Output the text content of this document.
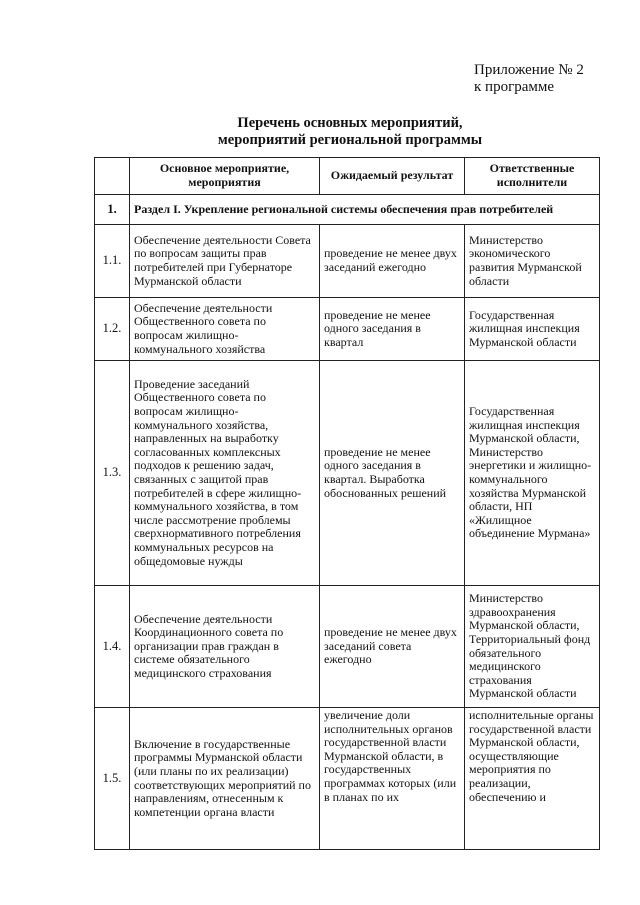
Приложение № 2
к программе
Перечень основных мероприятий,
мероприятий региональной программы
	Основное мероприятие, мероприятия	Ожидаемый результат	Ответственные исполнители
1.	Раздел I. Укрепление региональной системы обеспечения прав потребителей		
1.1.	Обеспечение деятельности Совета по вопросам защиты прав потребителей при Губернаторе Мурманской области	проведение не менее двух заседаний ежегодно	Министерство экономического развития Мурманской области
1.2.	Обеспечение деятельности Общественного совета по вопросам жилищно-коммунального хозяйства	проведение не менее одного заседания в квартал	Государственная жилищная инспекция Мурманской области
1.3.	Проведение заседаний Общественного совета по вопросам жилищно-коммунального хозяйства, направленных на выработку согласованных комплексных подходов к решению задач, связанных с защитой прав потребителей в сфере жилищно-коммунального хозяйства, в том числе рассмотрение проблемы сверхнормативного потребления коммунальных ресурсов на общедомовые нужды	проведение не менее одного заседания в квартал. Выработка обоснованных решений	Государственная жилищная инспекция Мурманской области, Министерство энергетики и жилищно-коммунального хозяйства Мурманской области, НП «Жилищное объединение Мурмана»
1.4.	Обеспечение деятельности Координационного совета по организации прав граждан в системе обязательного медицинского страхования	проведение не менее двух заседаний совета ежегодно	Министерство здравоохранения Мурманской области, Территориальный фонд обязательного медицинского страхования Мурманской области
1.5.	Включение в государственные программы Мурманской области (или планы по их реализации) соответствующих мероприятий по направлениям, отнесенным к компетенции органа власти	увеличение доли исполнительных органов государственной власти Мурманской области, в государственных программах которых (или в планах по их	исполнительные органы государственной власти Мурманской области, осуществляющие мероприятия по реализации, обеспечению и
